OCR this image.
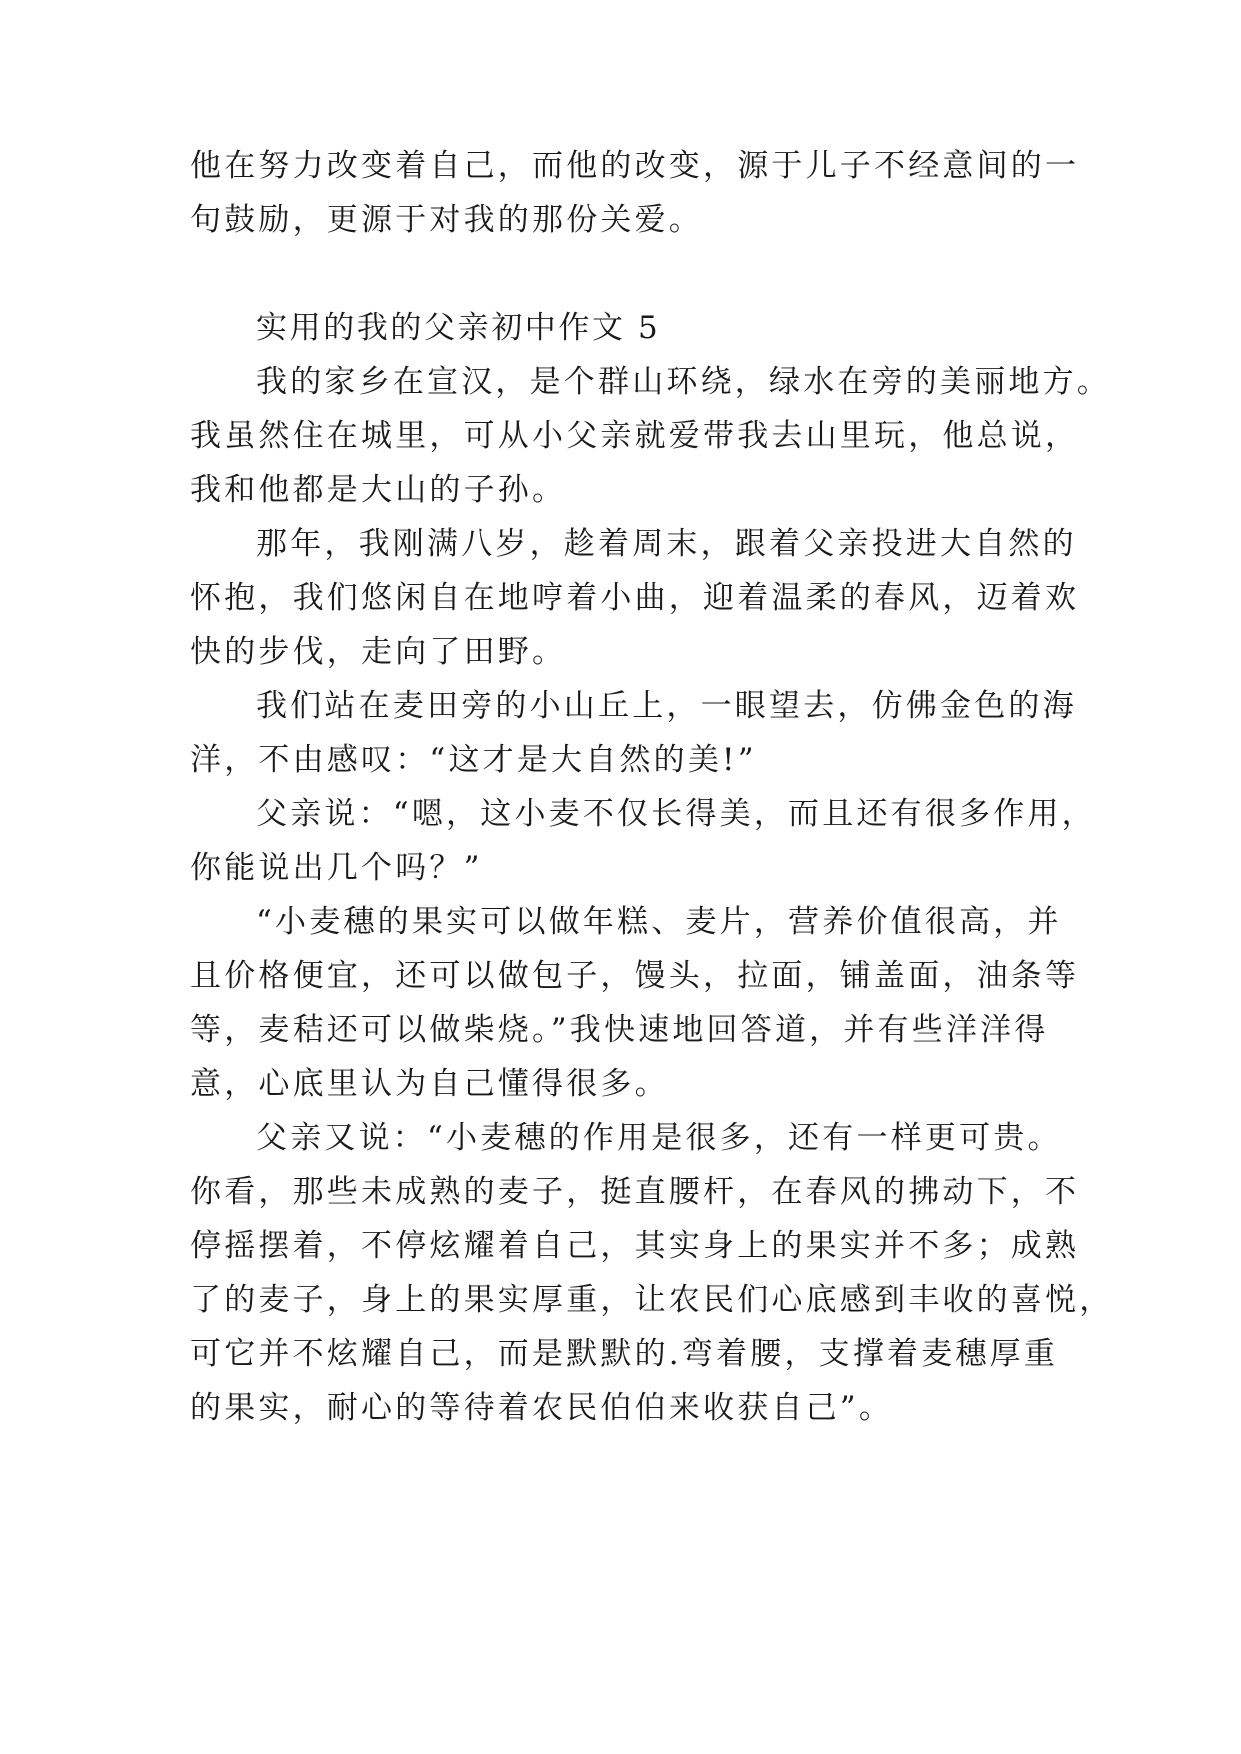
他在努力改变着自己，而他的改变，源于儿子不经意间的一
句鼓励，更源于对我的那份关爱。
实用的我的父亲初中作文 5
我的家乡在宣汉，是个群山环绕，绿水在旁的美丽地方。
我虽然住在城里，可从小父亲就爱带我去山里玩，他总说，
我和他都是大山的子孙。
那年，我刚满八岁，趁着周末，跟着父亲投进大自然的
怀抱，我们悠闲自在地哼着小曲，迎着温柔的春风，迈着欢
快的步伐，走向了田野。
我们站在麦田旁的小山丘上，一眼望去，仿佛金色的海
洋，不由感叹：“这才是大自然的美!”
父亲说：“嗯，这小麦不仅长得美，而且还有很多作用，
你能说出几个吗？”
“小麦穗的果实可以做年糕、麦片，营养价值很高，并
且价格便宜，还可以做包子，馒头，拉面，铺盖面，油条等
等，麦秸还可以做柴烧。”我快速地回答道，并有些洋洋得
意，心底里认为自己懂得很多。
父亲又说：“小麦穗的作用是很多，还有一样更可贵。
你看，那些未成熟的麦子，挺直腰杆，在春风的拂动下，不
停摇摆着，不停炫耀着自己，其实身上的果实并不多；成熟
了的麦子，身上的果实厚重，让农民们心底感到丰收的喜悦，
可它并不炫耀自己，而是默默的.弯着腰，支撑着麦穗厚重
的果实，耐心的等待着农民伯伯来收获自己”。
